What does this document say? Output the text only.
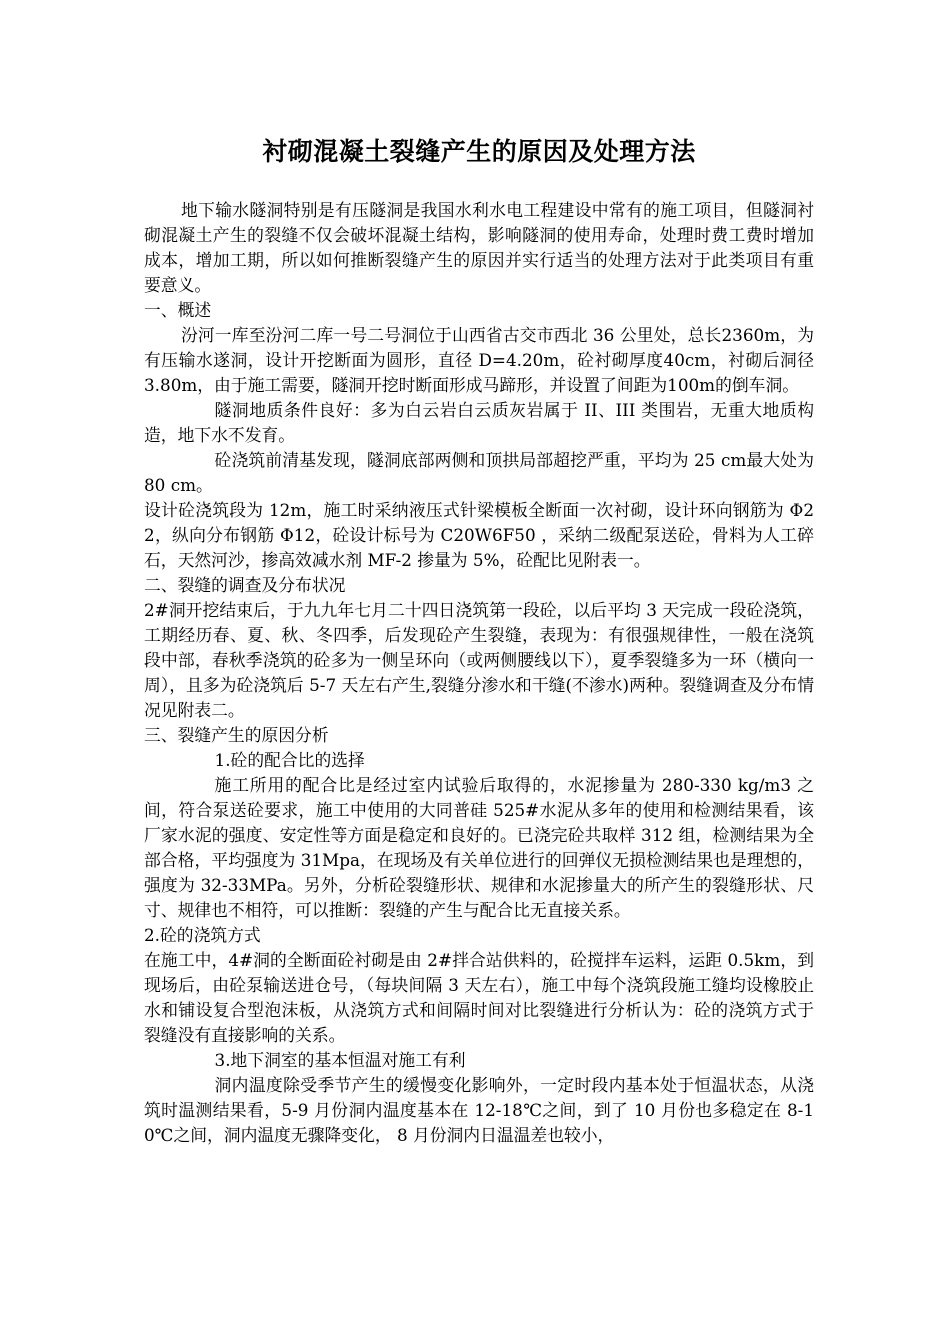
衬砌混凝土裂缝产生的原因及处理方法

地下输水隧洞特别是有压隧洞是我国水利水电工程建设中常有的施工项目，但隧洞衬砌混凝土产生的裂缝不仅会破坏混凝土结构，影响隧洞的使用寿命，处理时费工费时增加成本，增加工期，所以如何推断裂缝产生的原因并实行适当的处理方法对于此类项目有重要意义。

一、概述

汾河一库至汾河二库一号二号洞位于山西省古交市西北 36 公里处，总长2360m，为有压输水遂洞，设计开挖断面为圆形，直径 D=4.20m，砼衬砌厚度40cm，衬砌后洞径 3.80m，由于施工需要，隧洞开挖时断面形成马蹄形，并设置了间距为100m的倒车洞。

隧洞地质条件良好：多为白云岩白云质灰岩属于 II、III 类围岩，无重大地质构造，地下水不发育。

砼浇筑前清基发现，隧洞底部两侧和顶拱局部超挖严重，平均为 25 cm最大处为 80 cm。

设计砼浇筑段为 12m，施工时采纳液压式针梁模板全断面一次衬砌，设计环向钢筋为 Φ22，纵向分布钢筋 Φ12，砼设计标号为 C20W6F50 ，采纳二级配泵送砼，骨料为人工碎石，天然河沙，掺高效减水剂 MF-2 掺量为 5%，砼配比见附表一。

二、裂缝的调查及分布状况

2#洞开挖结束后，于九九年七月二十四日浇筑第一段砼，以后平均 3 天完成一段砼浇筑，工期经历春、夏、秋、冬四季，后发现砼产生裂缝，表现为：有很强规律性，一般在浇筑段中部，春秋季浇筑的砼多为一侧呈环向（或两侧腰线以下），夏季裂缝多为一环（横向一周），且多为砼浇筑后 5-7 天左右产生,裂缝分渗水和干缝(不渗水)两种。裂缝调查及分布情况见附表二。

三、裂缝产生的原因分析

1.砼的配合比的选择

施工所用的配合比是经过室内试验后取得的，水泥掺量为 280-330 kg/m3 之间，符合泵送砼要求，施工中使用的大同普硅 525#水泥从多年的使用和检测结果看，该厂家水泥的强度、安定性等方面是稳定和良好的。已浇完砼共取样 312 组，检测结果为全部合格，平均强度为 31Mpa，在现场及有关单位进行的回弹仪无损检测结果也是理想的，强度为 32-33MPa。另外，分析砼裂缝形状、规律和水泥掺量大的所产生的裂缝形状、尺寸、规律也不相符，可以推断：裂缝的产生与配合比无直接关系。

2.砼的浇筑方式

在施工中，4#洞的全断面砼衬砌是由 2#拌合站供料的，砼搅拌车运料，运距 0.5km，到现场后，由砼泵输送进仓号，（每块间隔 3 天左右），施工中每个浇筑段施工缝均设橡胶止水和铺设复合型泡沫板，从浇筑方式和间隔时间对比裂缝进行分析认为：砼的浇筑方式于裂缝没有直接影响的关系。

3.地下洞室的基本恒温对施工有利

洞内温度除受季节产生的缓慢变化影响外，一定时段内基本处于恒温状态，从浇筑时温测结果看，5-9 月份洞内温度基本在 12-18℃之间，到了 10 月份也多稳定在 8-10℃之间，洞内温度无骤降变化， 8 月份洞内日温温差也较小，
